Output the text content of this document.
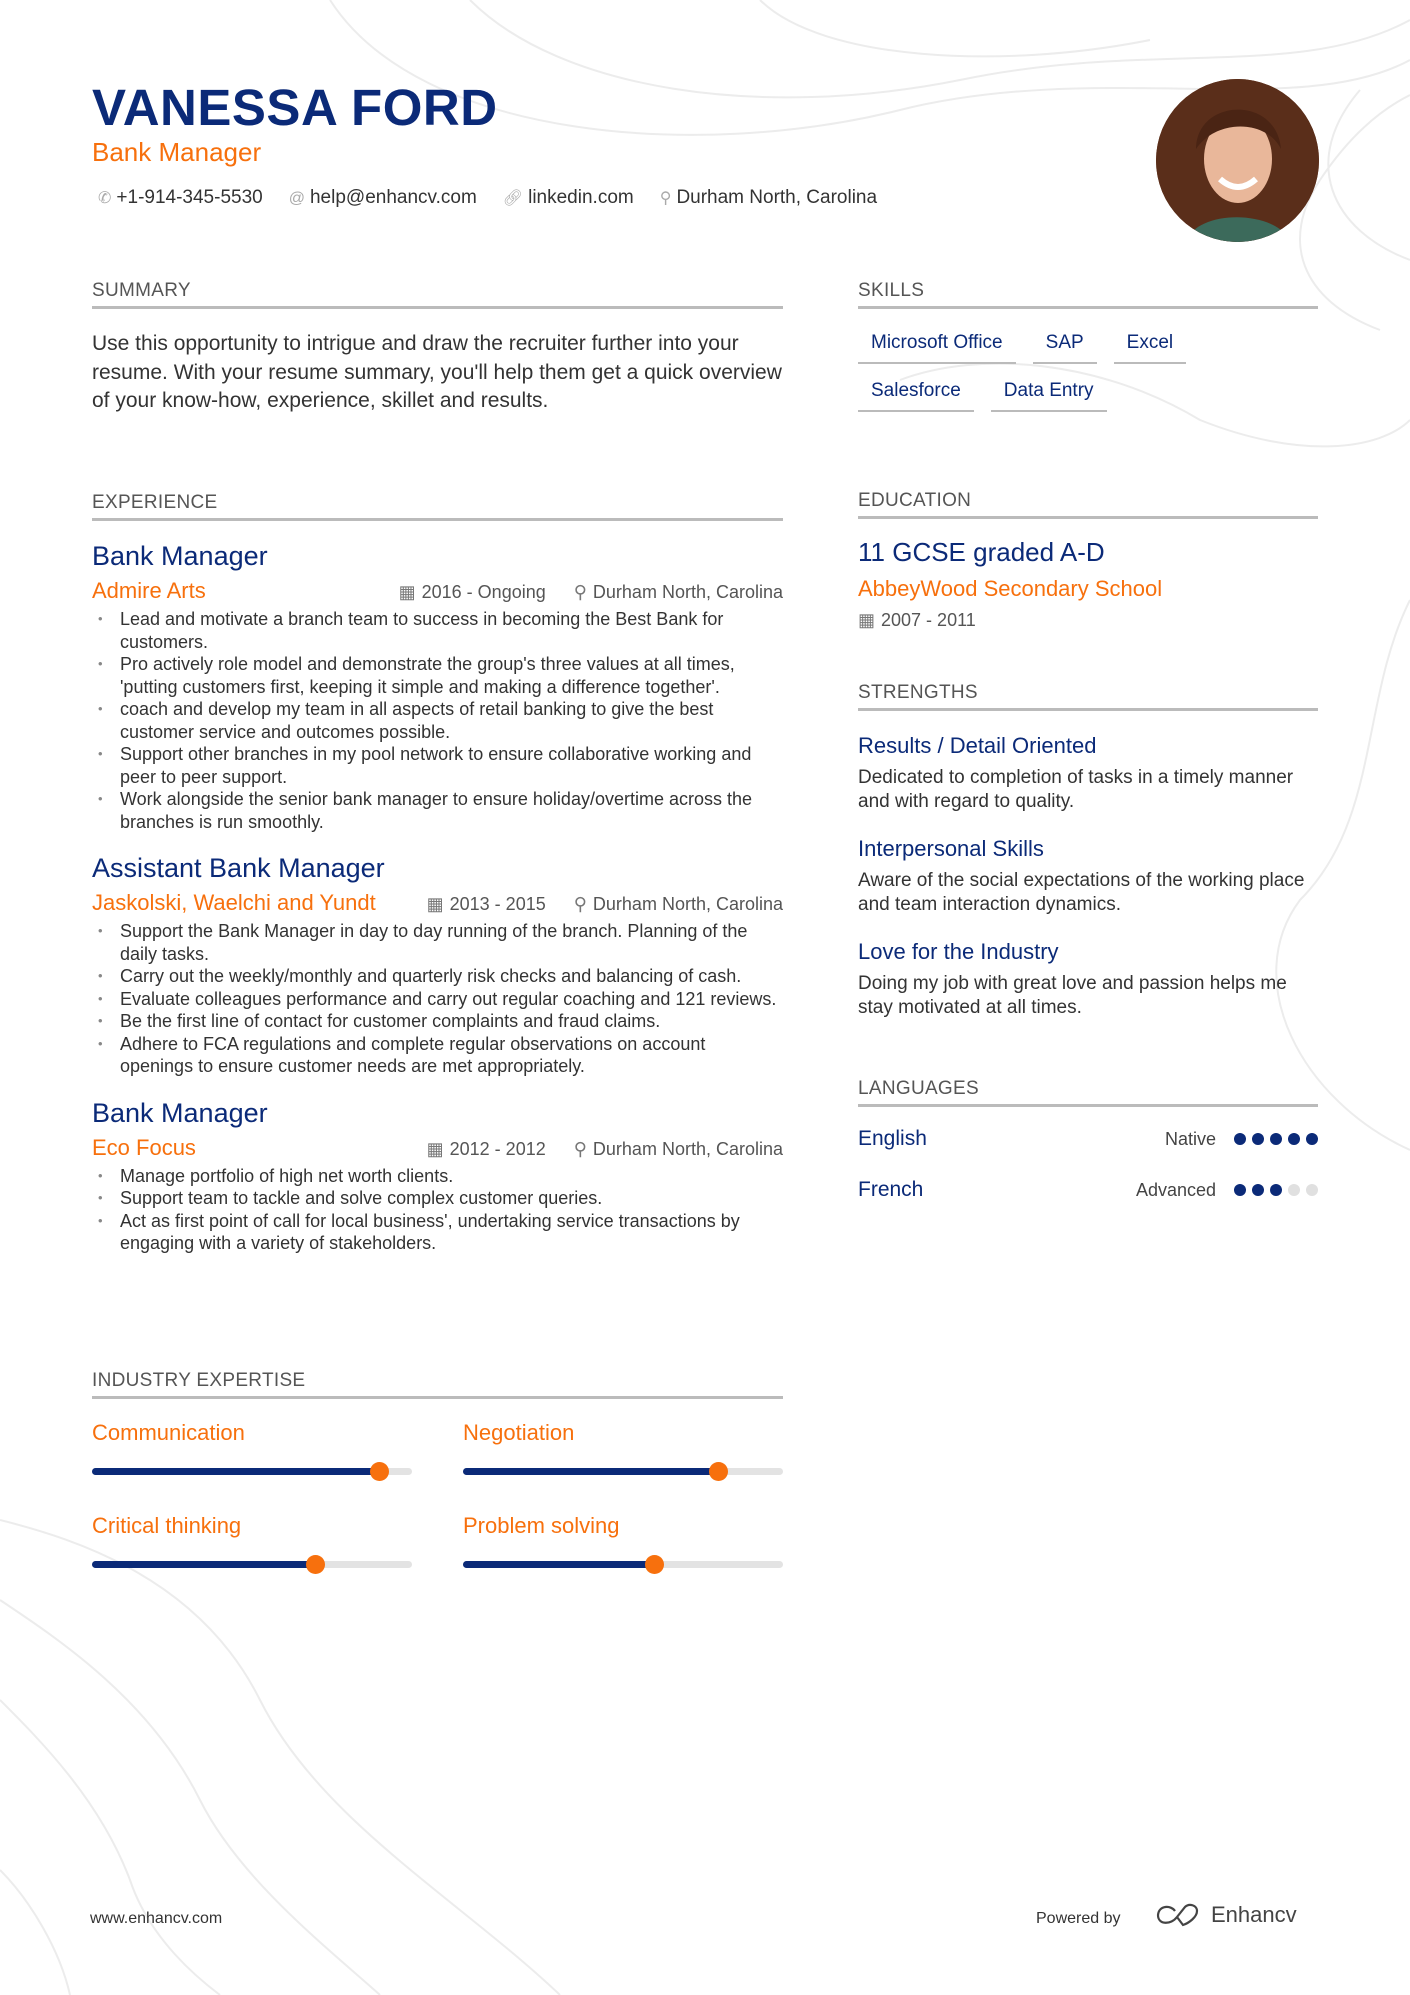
VANESSA FORD
Bank Manager
✆ +1-914-345-5530 @ help@enhancv.com 🔗︎ linkedin.com ⚲ Durham North, Carolina
SUMMARY
Use this opportunity to intrigue and draw the recruiter further into your resume. With your resume summary, you'll help them get a quick overview of your know-how, experience, skillet and results.
EXPERIENCE
Bank Manager
Admire Arts	▦ 2016 - Ongoing ⚲ Durham North, Carolina
• Lead and motivate a branch team to success in becoming the Best Bank for customers.
• Pro actively role model and demonstrate the group's three values at all times, 'putting customers first, keeping it simple and making a difference together'.
• coach and develop my team in all aspects of retail banking to give the best customer service and outcomes possible.
• Support other branches in my pool network to ensure collaborative working and peer to peer support.
• Work alongside the senior bank manager to ensure holiday/overtime across the branches is run smoothly.
Assistant Bank Manager
Jaskolski, Waelchi and Yundt	▦ 2013 - 2015 ⚲ Durham North, Carolina
• Support the Bank Manager in day to day running of the branch. Planning of the daily tasks.
• Carry out the weekly/monthly and quarterly risk checks and balancing of cash.
• Evaluate colleagues performance and carry out regular coaching and 121 reviews.
• Be the first line of contact for customer complaints and fraud claims.
• Adhere to FCA regulations and complete regular observations on account openings to ensure customer needs are met appropriately.
Bank Manager
Eco Focus	▦ 2012 - 2012 ⚲ Durham North, Carolina
• Manage portfolio of high net worth clients.
• Support team to tackle and solve complex customer queries.
• Act as first point of call for local business', undertaking service transactions by engaging with a variety of stakeholders.
INDUSTRY EXPERTISE
Communication	Negotiation
Critical thinking	Problem solving
SKILLS
Microsoft Office	SAP	Excel
Salesforce	Data Entry
EDUCATION
11 GCSE graded A-D
AbbeyWood Secondary School
▦ 2007 - 2011
STRENGTHS
Results / Detail Oriented
Dedicated to completion of tasks in a timely manner and with regard to quality.
Interpersonal Skills
Aware of the social expectations of the working place and team interaction dynamics.
Love for the Industry
Doing my job with great love and passion helps me stay motivated at all times.
LANGUAGES
English	Native
French	Advanced
www.enhancv.com	Powered by	Enhancv
